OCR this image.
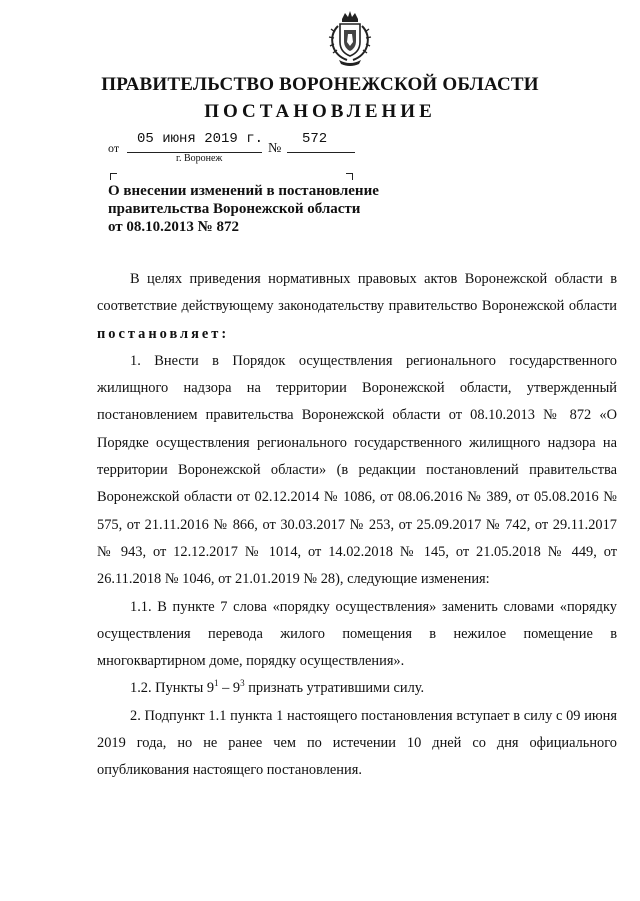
ПРАВИТЕЛЬСТВО ВОРОНЕЖСКОЙ ОБЛАСТИ
ПОСТАНОВЛЕНИЕ
от
05 июня 2019 г.
№
572
г. Воронеж
О внесении изменений в постановление
правительства Воронежской области
от 08.10.2013 № 872

В целях приведения нормативных правовых актов Воронежской области в соответствие действующему законодательству правительство Воронежской области постановляет:

1. Внести в Порядок осуществления регионального государственного жилищного надзора на территории Воронежской области, утвержденный постановлением правительства Воронежской области от 08.10.2013 № 872 «О Порядке осуществления регионального государственного жилищного надзора на территории Воронежской области» (в редакции постановлений правительства Воронежской области от 02.12.2014 № 1086, от 08.06.2016 № 389, от 05.08.2016 № 575, от 21.11.2016 № 866, от 30.03.2017 № 253, от 25.09.2017 № 742, от 29.11.2017 № 943, от 12.12.2017 № 1014, от 14.02.2018 № 145, от 21.05.2018 № 449, от 26.11.2018 № 1046, от 21.01.2019 № 28), следующие изменения:

1.1. В пункте 7 слова «порядку осуществления» заменить словами «порядку осуществления перевода жилого помещения в нежилое помещение в многоквартирном доме, порядку осуществления».

1.2. Пункты $9^1 - 9^3$ признать утратившими силу.

2. Подпункт 1.1 пункта 1 настоящего постановления вступает в силу с 09 июня 2019 года, но не ранее чем по истечении 10 дней со дня официального опубликования настоящего постановления.
